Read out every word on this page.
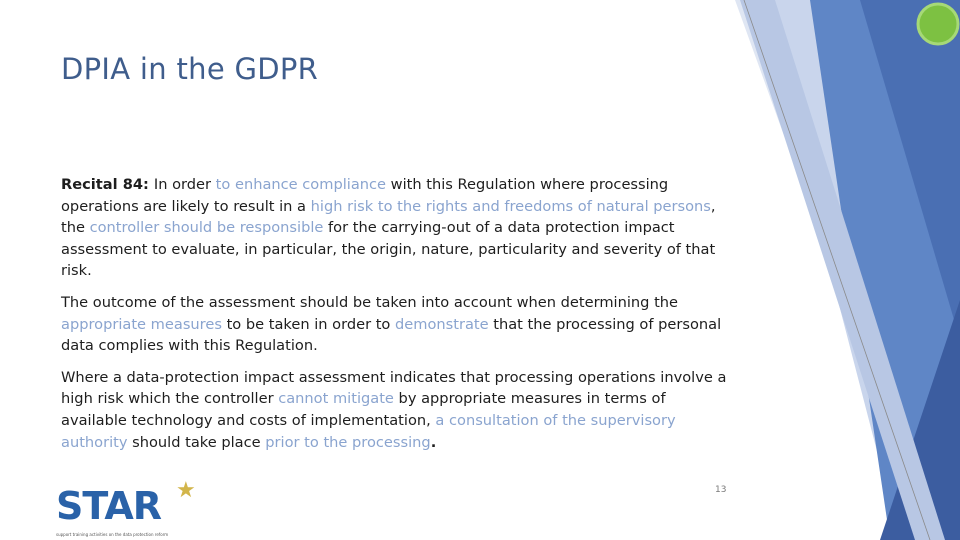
DPIA in the GDPR

Recital 84: In order to enhance compliance with this Regulation where processing operations are likely to result in a high risk to the rights and freedoms of natural persons, the controller should be responsible for the carrying-out of a data protection impact assessment to evaluate, in particular, the origin, nature, particularity and severity of that risk.

The outcome of the assessment should be taken into account when determining the appropriate measures to be taken in order to demonstrate that the processing of personal data complies with this Regulation.

Where a data-protection impact assessment indicates that processing operations involve a high risk which the controller cannot mitigate by appropriate measures in terms of available technology and costs of implementation, a consultation of the supervisory authority should take place prior to the processing.

13
STAR ★
support training activities on the data protection reform
